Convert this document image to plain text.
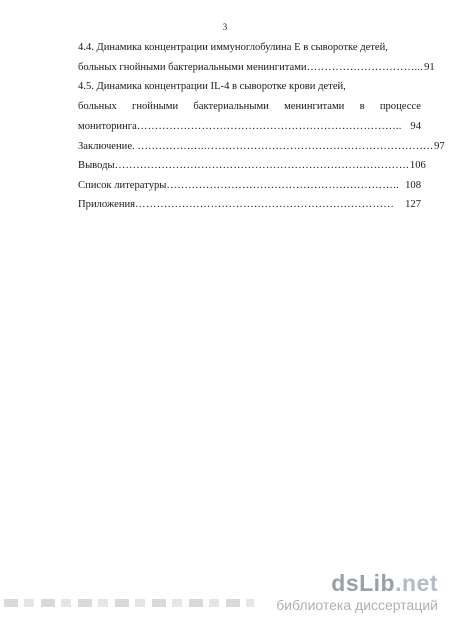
3
4.4. Динамика концентрации иммуноглобулина Е в сыворотке детей,
больных гнойными бактериальными менингитами …………………………... 91
4.5. Динамика концентрации IL-4 в сыворотке крови детей,
больных гнойными бактериальными менингитами в процессе
мониторинга ……………………………………………………………….. 94
Заключение. ………………. ………………………………………………………. 97
Выводы ………………………………………………………………………. 106
Список литературы ……………………………………………………….. 108
Приложения ………………………………………………………………	127
dsLib.net
библиотека диссертаций
